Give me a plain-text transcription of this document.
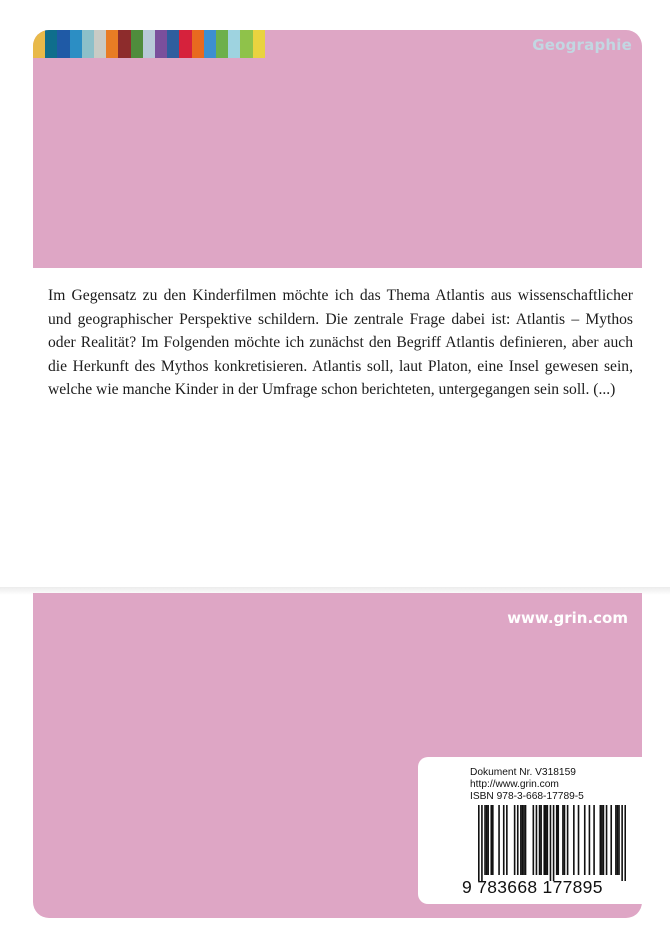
Geographie
Im Gegensatz zu den Kinderfilmen möchte ich das Thema Atlantis aus wissenschaftlicher und geographischer Perspektive schildern. Die zentrale Frage dabei ist: Atlantis – Mythos oder Realität? Im Folgenden möchte ich zunächst den Begriff Atlantis definieren, aber auch die Herkunft des Mythos konkretisieren. Atlantis soll, laut Platon, eine Insel gewesen sein, welche wie manche Kinder in der Umfrage schon berichteten, untergegangen sein soll. (...)
www.grin.com
Dokument Nr. V318159
http://www.grin.com
ISBN 978-3-668-17789-5
9 783668 177895
